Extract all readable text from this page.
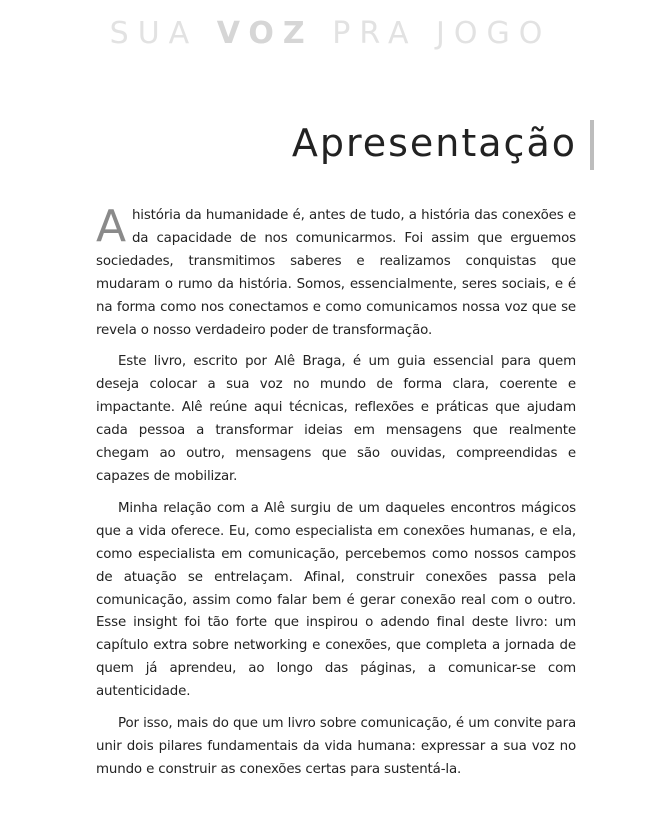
SUA VOZ PRA JOGO
Apresentação

Ahistória da humanidade é, antes de tudo, a história das conexões e da capacidade de nos comunicarmos. Foi assim que erguemos sociedades, transmitimos saberes e realizamos conquistas que mudaram o rumo da história. Somos, essencialmente, seres sociais, e é na forma como nos conectamos e como comunicamos nossa voz que se revela o nosso verdadeiro poder de transformação.

Este livro, escrito por Alê Braga, é um guia essencial para quem deseja colocar a sua voz no mundo de forma clara, coerente e impactante. Alê reúne aqui técnicas, reflexões e práticas que ajudam cada pessoa a transformar ideias em mensagens que realmente chegam ao outro, mensagens que são ouvidas, compreendidas e capazes de mobilizar.

Minha relação com a Alê surgiu de um daqueles encontros mágicos que a vida oferece. Eu, como especialista em conexões humanas, e ela, como especialista em comunicação, percebemos como nossos campos de atuação se entrelaçam. Afinal, construir conexões passa pela comunicação, assim como falar bem é gerar conexão real com o outro. Esse insight foi tão forte que inspirou o adendo final deste livro: um capítulo extra sobre networking e conexões, que completa a jornada de quem já aprendeu, ao longo das páginas, a comunicar-se com autenticidade.

Por isso, mais do que um livro sobre comunicação, é um convite para unir dois pilares fundamentais da vida humana: expressar a sua voz no mundo e construir as conexões certas para sustentá-la.
